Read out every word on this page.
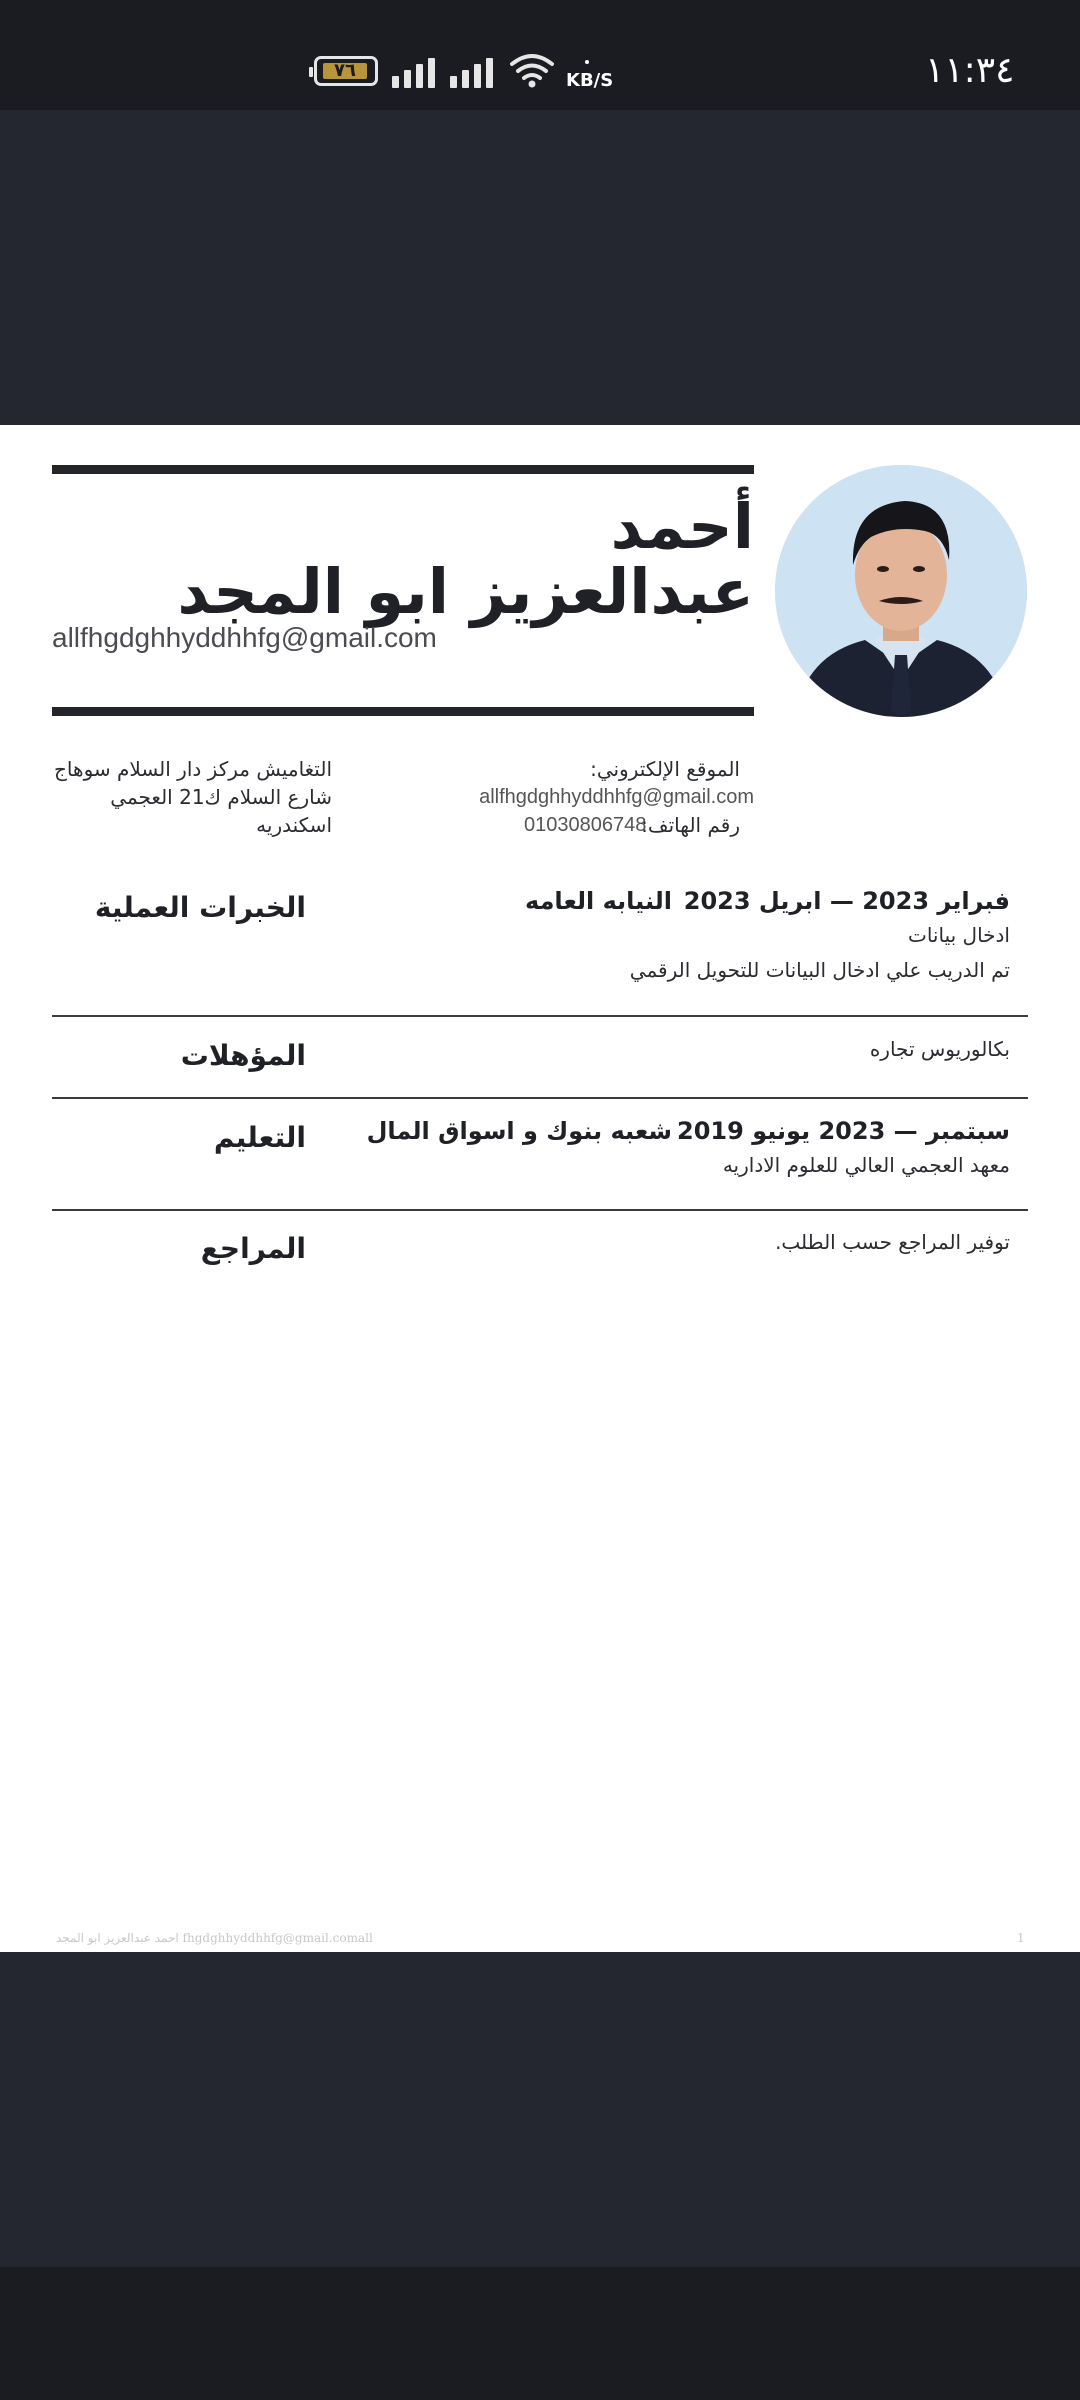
٧٦	KB/S	١١:٣٤
أحمد
عبدالعزيز ابو المجد
allfhgdghhyddhhfg@gmail.com
الموقع الإلكتروني:
allfhgdghhyddhhfg@gmail.com
رقم الهاتف:
01030806748
التغاميش مركز دار السلام سوهاج
شارع السلام ك21 العجمي
اسكندريه
الخبرات العملية	فبراير 2023 — ابريل 2023
النيابه العامه
ادخال بيانات
تم الدريب علي ادخال البيانات للتحويل الرقمي
المؤهلات	بكالوريوس تجاره
التعليم	2019 سبتمبر — 2023 يونيو
شعبه بنوك و اسواق المال
معهد العجمي العالي للعلوم الاداريه
المراجع	توفير المراجع حسب الطلب.
احمد عبدالعزيز ابو المجد fhgdghhyddhhfg@gmail.comall	1
